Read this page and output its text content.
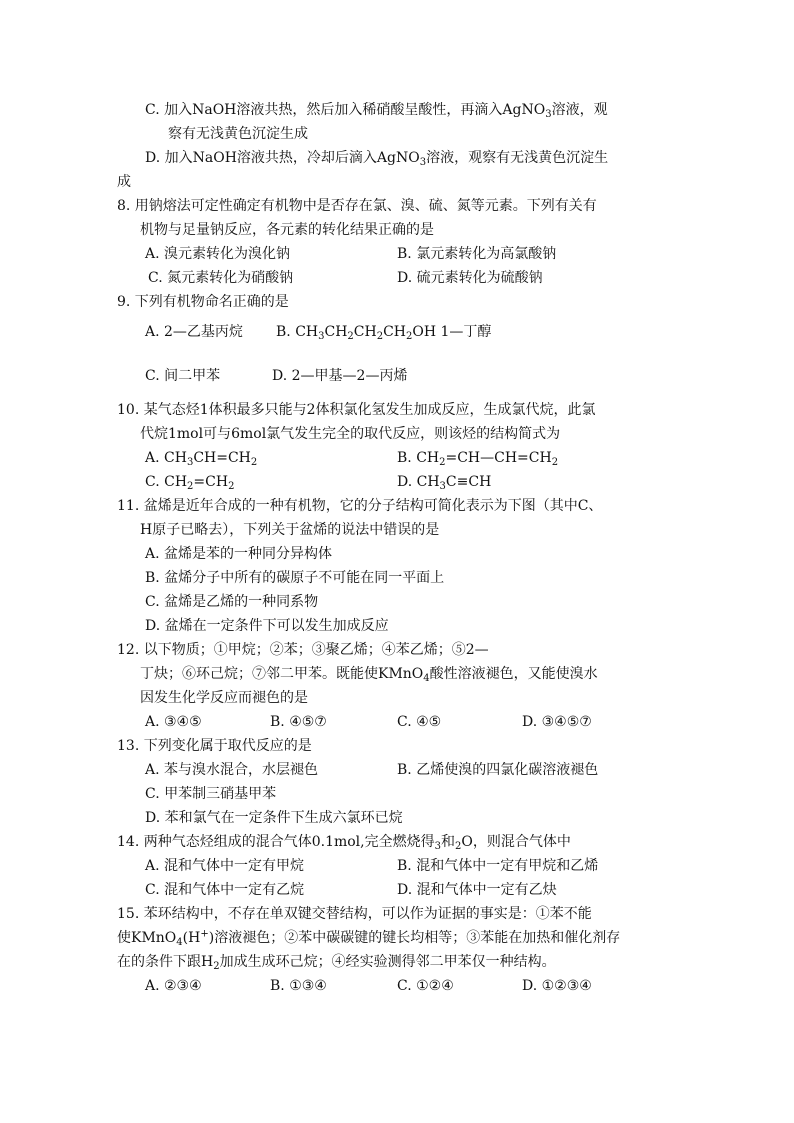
C. 加入NaOH溶液共热，然后加入稀硝酸呈酸性，再滴入AgNO$_3$溶液，观
察有无浅黄色沉淀生成
D. 加入NaOH溶液共热，冷却后滴入AgNO$_3$溶液，观察有无浅黄色沉淀生
成
8. 用钠熔法可定性确定有机物中是否存在氯、溴、硫、氮等元素。下列有关有
机物与足量钠反应，各元素的转化结果正确的是
A. 溴元素转化为溴化钠	B. 氯元素转化为高氯酸钠
C. 氮元素转化为硝酸钠	D. 硫元素转化为硫酸钠
9. 下列有机物命名正确的是
A. 2—乙基丙烷 B. $CH_3CH_2CH_2CH_2OH$ 1—丁醇
C. 间二甲苯	D. 2—甲基—2—丙烯
10. 某气态烃1体积最多只能与2体积氯化氢发生加成反应，生成氯代烷，此氯
代烷1mol可与6mol氯气发生完全的取代反应，则该烃的结构简式为
A. $CH_3CH=CH_2$	B. $CH_2=CH—CH=CH_2$
C. $CH_2=CH_2$	D. $CH_3C\equiv CH$
11. 盆烯是近年合成的一种有机物，它的分子结构可简化表示为下图（其中C、
H原子已略去），下列关于盆烯的说法中错误的是
A. 盆烯是苯的一种同分异构体
B. 盆烯分子中所有的碳原子不可能在同一平面上
C. 盆烯是乙烯的一种同系物
D. 盆烯在一定条件下可以发生加成反应
12. 以下物质；①甲烷；②苯；③聚乙烯；④苯乙烯；⑤2—
丁炔；⑥环己烷；⑦邻二甲苯。既能使KMnO$_4$酸性溶液褪色，又能使溴水
因发生化学反应而褪色的是
A. ③④⑤	B. ④⑤⑦	C. ④⑤	D. ③④⑤⑦
13. 下列变化属于取代反应的是
A. 苯与溴水混合，水层褪色	B. 乙烯使溴的四氯化碳溶液褪色
C. 甲苯制三硝基甲苯
D. 苯和氯气在一定条件下生成六氯环已烷
14. 两种气态烃组成的混合气体0.1mol,完全燃烧得$_3$和$_2$O，则混合气体中
A. 混和气体中一定有甲烷	B. 混和气体中一定有甲烷和乙烯
C. 混和气体中一定有乙烷	D. 混和气体中一定有乙炔
15. 苯环结构中，不存在单双键交替结构，可以作为证据的事实是：①苯不能
使KMnO$_4$(H+)溶液褪色；②苯中碳碳键的键长均相等；③苯能在加热和催化剂存
在的条件下跟$H_2$加成生成环己烷；④经实验测得邻二甲苯仅一种结构。
A. ②③④	B. ①③④	C. ①②④	D. ①②③④
